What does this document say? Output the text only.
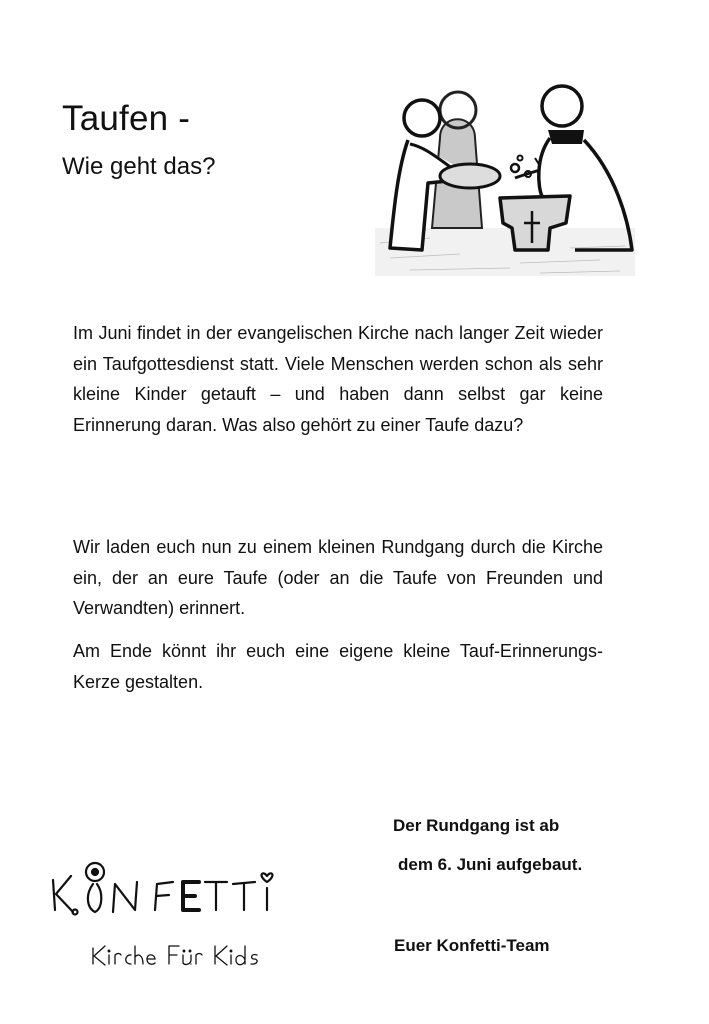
Taufen -
Wie geht das?
Im Juni findet in der evangelischen Kirche nach langer Zeit wieder ein Taufgottesdienst statt. Viele Menschen werden schon als sehr kleine Kinder getauft – und haben dann selbst gar keine Erinnerung daran. Was also gehört zu einer Taufe dazu?
Wir laden euch nun zu einem kleinen Rundgang durch die Kirche ein, der an eure Taufe (oder an die Taufe von Freunden und Verwandten) erinnert.
Am Ende könnt ihr euch eine eigene kleine Tauf-Erinnerungs-Kerze gestalten.
Der Rundgang ist ab
dem 6. Juni aufgebaut.
Euer Konfetti-Team
